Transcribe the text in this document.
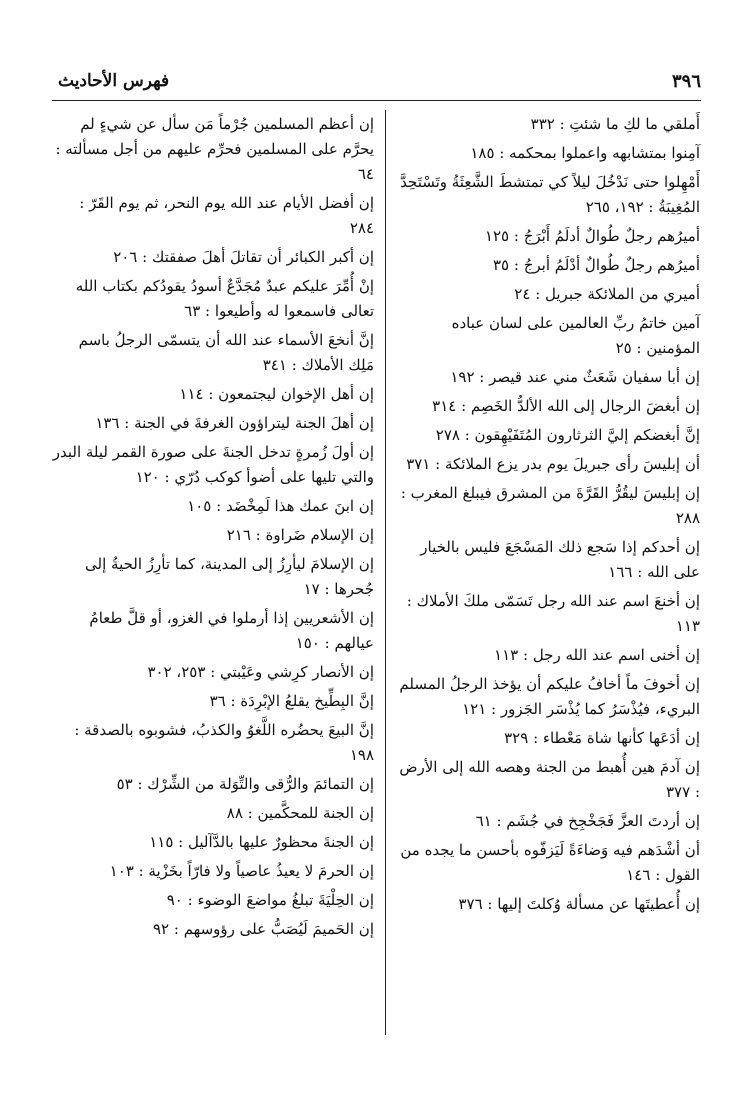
فهرس الأحاديث	٣٩٦

أَملقي ما لكِ ما شئتِ : ٣٣٢

آمِنوا بمتشابهه واعملوا بمحكمه : ١٨٥

أَمْهِلوا حتى نَدْخُلَ ليلاً كي تمتشطَ الشَّعِثَةُ وتَسْتَحِدَّ المُغِيبَةُ : ١٩٢، ٢٦٥

أميرُهم رجلٌ طُوالٌ أدلَمُ أَبْرَجُ : ١٢٥

أميرُهم رجلٌ طُوالٌ أدْلَمُ أبرجُ : ٣٥

أميري من الملائكة جبريل : ٢٤

آمين خاتمُ ربِّ العالمين على لسان عباده المؤمنين : ٢٥

إن أبا سفيان شَعَثٌ مني عند قيصر : ١٩٢

إن أبغضَ الرجال إلى الله الألدُّ الخَصِم : ٣١٤

إنَّ أبغضكم إليَّ الثرثارون المُتَفَيْهِقون : ٢٧٨

أن إبليسَ رأى جبريلَ يوم بدر يزع الملائكة : ٣٧١

إن إبليسَ ليقُرُّ القَرَّةَ من المشرق فيبلغ المغرب : ٢٨٨

إن أحدكم إذا سَجع ذلك المَسْجَعَ فليس بالخيار على الله : ١٦٦

إن أخنعَ اسم عند الله رجل تَسَمّى ملكَ الأملاك : ١١٣

إن أخنى اسم عند الله رجل : ١١٣

إن أخوفَ ماً أخافُ عليكم أن يؤخذ الرجلُ المسلم البريء، فيُذْسَرُ كما يُذْسَر الجَزور : ١٢١

إن أدَعَها كأنها شاة مَعْطاء : ٣٢٩

إن آدمَ هين أُهبط من الجنة وهصه الله إلى الأرض : ٣٧٧

إن أردتَ العزَّ فَجَخْجِخ في جُشَم : ٦١

أن أشْدَهم فيه وَضاءَةً لَيَزفّوه بأحسن ما يجده من القول : ١٤٦

إن أُعطيتَها عن مسألة وُكلتَ إليها : ٣٧٦

إن أعظم المسلمين جُرْماً مَن سأل عن شيءٍ لم يحرَّم على المسلمين فحرِّم عليهم من أجل مسألته : ٦٤

إن أفضل الأيام عند الله يوم النحر، ثم يوم القَرّ : ٢٨٤

إن أكبر الكبائر أن تقاتلَ أهلَ صفقتك : ٢٠٦

إنْ أُمِّرَ عليكم عبدٌ مُجَدَّعٌ أسودُ يقودُكم بكتاب الله تعالى فاسمعوا له وأطيعوا : ٦٣

إنَّ أنخعَ الأسماء عند الله أن يتسمّى الرجلُ باسم مَلِك الأملاك : ٣٤١

إن أهل الإخوان ليجتمعون : ١١٤

إن أهلَ الجنة ليتراؤون الغرفةَ في الجنة : ١٣٦

إن أولَ زُمرةٍ تدخل الجنةَ على صورة القمر ليلة البدر والتي تليها على أضوأ كوكب دُرّي : ١٢٠

إن ابنَ عمك هذا لَمِخْضَد : ١٠٥

إن الإسلام ضَراوة : ٢١٦

إن الإسلامَ ليأرِزُ إلى المدينة، كما تأرِزُ الحيةُ إلى جُحرها : ١٧

إن الأشعريين إذا أرملوا في الغزو، أو قلَّ طعامُ عيالهم : ١٥٠

إن الأنصار كرِشي وعَيْبتي : ٢٥٣، ٣٠٢

إنَّ البِطِّيخ يقلعُ الإبْرِدَة : ٣٦

إنَّ البيعَ يحضُره اللَّغوُ والكذبُ، فشوبوه بالصدقة : ١٩٨

إن التمائمَ والرُّقى والتِّوَلة من الشِّرْك : ٥٣

إن الجنة للمحكَّمين : ٨٨

إن الجنةَ محظورٌ عليها بالدَّآليل : ١١٥

إن الحرمَ لا يعيذُ عاصياً ولا فارّاً بخَزْية : ١٠٣

إن الحِلْيَةَ تبلغُ مواضعَ الوضوء : ٩٠

إن الحَميمَ لَيُصَبُّ على رؤوسهم : ٩٢
